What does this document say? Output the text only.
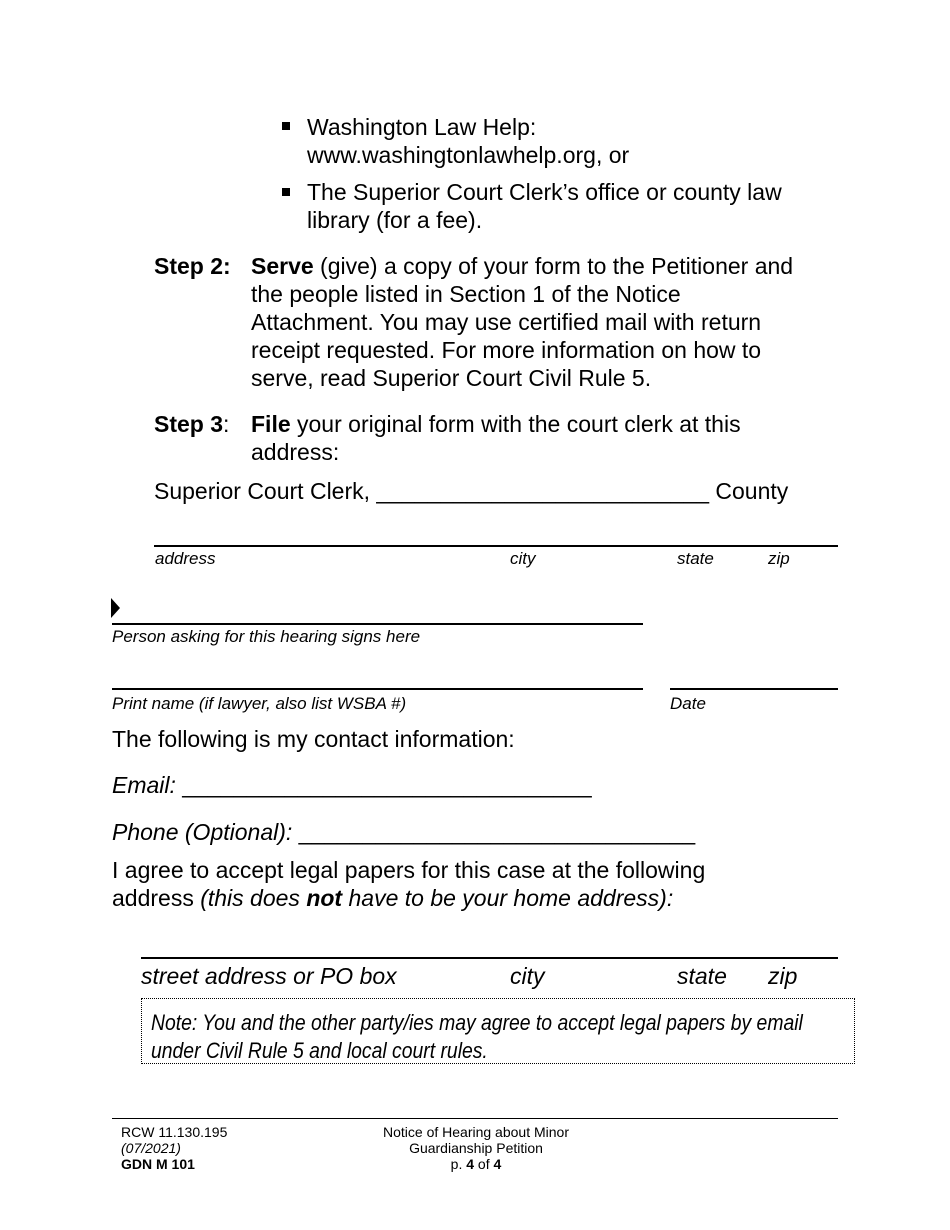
Washington Law Help:
www.washingtonlawhelp.org, or
The Superior Court Clerk’s office or county law
library (for a fee).
Step 2: Serve (give) a copy of your form to the Petitioner and
the people listed in Section 1 of the Notice
Attachment. You may use certified mail with return
receipt requested. For more information on how to
serve, read Superior Court Civil Rule 5.
Step 3: File your original form with the court clerk at this
address:
Superior Court Clerk, __________________________ County
address	city	state	zip
Person asking for this hearing signs here
Print name (if lawyer, also list WSBA #)	Date
The following is my contact information:
Email: ________________________________
Phone (Optional): _______________________________
I agree to accept legal papers for this case at the following
address (this does not have to be your home address):
street address or PO box	city	state zip
Note: You and the other party/ies may agree to accept legal papers by email
under Civil Rule 5 and local court rules.
RCW 11.130.195
(07/2021)
GDN M 101
Notice of Hearing about Minor
Guardianship Petition
p. 4 of 4
